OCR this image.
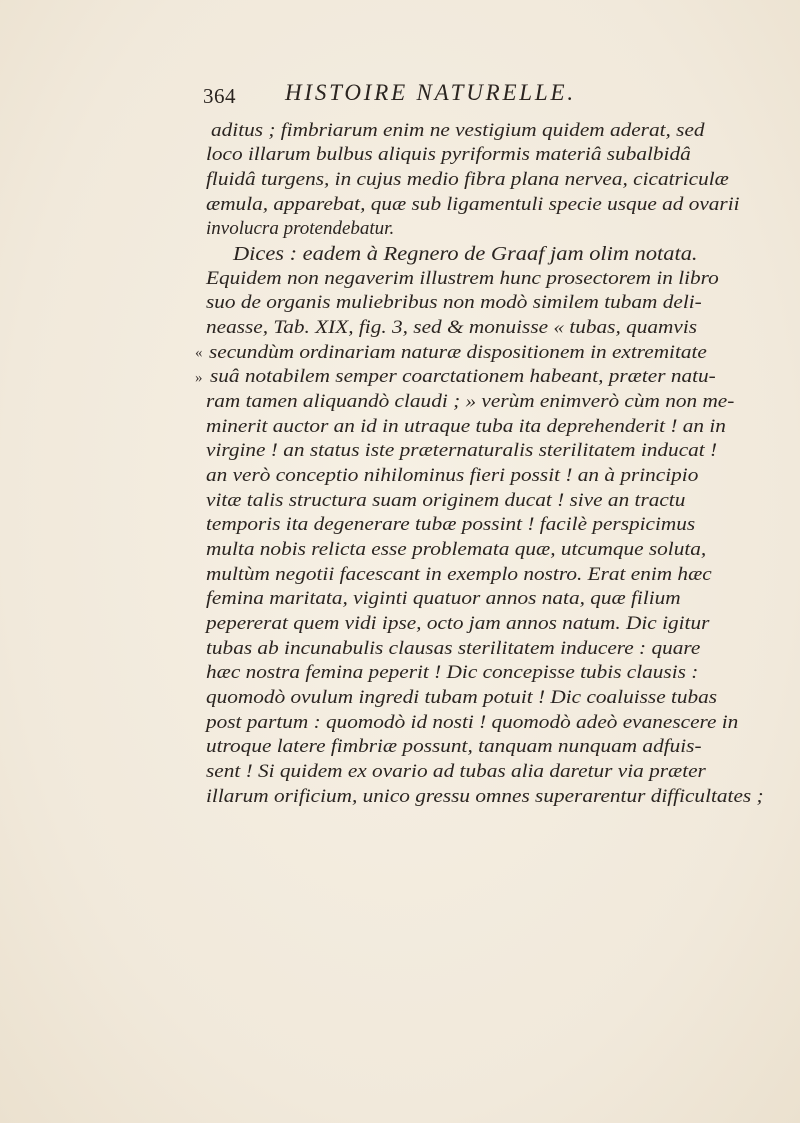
364 HISTOIRE NATURELLE.
aditus ; fimbriarum enim ne vestigium quidem aderat, sed
loco illarum bulbus aliquis pyriformis materiâ subalbidâ
fluidâ turgens, in cujus medio fibra plana nervea, cicatriculæ
æmula, apparebat, quæ sub ligamentuli specie usque ad ovarii
involucra protendebatur.
Dices : eadem à Regnero de Graaf jam olim notata.
Equidem non negaverim illustrem hunc prosectorem in libro
suo de organis muliebribus non modò similem tubam deli-
neasse, Tab. XIX, fig. 3, sed & monuisse « tubas, quamvis
secundùm ordinariam naturæ dispositionem in extremitate
suâ notabilem semper coarctationem habeant, præter natu-
ram tamen aliquandò claudi ; » verùm enimverò cùm non me-
minerit auctor an id in utraque tuba ita deprehenderit ! an in
virgine ! an status iste præternaturalis sterilitatem inducat !
an verò conceptio nihilominus fieri possit ! an à principio
vitæ talis structura suam originem ducat ! sive an tractu
temporis ita degenerare tubæ possint ! facilè perspicimus
multa nobis relicta esse problemata quæ, utcumque soluta,
multùm negotii facescant in exemplo nostro. Erat enim hæc
femina maritata, viginti quatuor annos nata, quæ filium
pepererat quem vidi ipse, octo jam annos natum. Dic igitur
tubas ab incunabulis clausas sterilitatem inducere : quare
hæc nostra femina peperit ! Dic concepisse tubis clausis :
quomodò ovulum ingredi tubam potuit ! Dic coaluisse tubas
post partum : quomodò id nosti ! quomodò adeò evanescere in
utroque latere fimbriæ possunt, tanquam nunquam adfuis-
sent ! Si quidem ex ovario ad tubas alia daretur via præter
illarum orificium, unico gressu omnes superarentur difficultates ;
«
»
